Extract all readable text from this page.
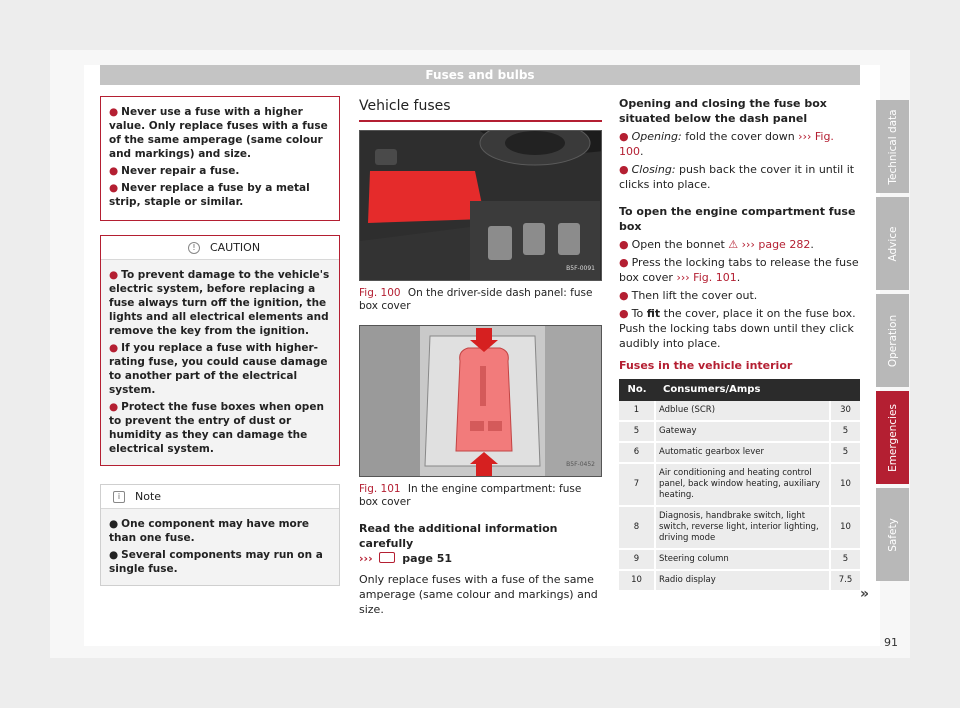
Fuses and bulbs
● Never use a fuse with a higher value. Only replace fuses with a fuse of the same amperage (same colour and markings) and size.
● Never repair a fuse.
● Never replace a fuse by a metal strip, staple or similar.
!	CAUTION
● To prevent damage to the vehicle's electric system, before replacing a fuse always turn off the ignition, the lights and all electrical elements and remove the key from the ignition.
● If you replace a fuse with higher-rating fuse, you could cause damage to another part of the electrical system.
● Protect the fuse boxes when open to prevent the entry of dust or humidity as they can damage the electrical system.
i	Note
● One component may have more than one fuse.
● Several components may run on a single fuse.
Vehicle fuses
B5F-0091
Fig. 100 On the driver-side dash panel: fuse box cover
B5F-0452
Fig. 101 In the engine compartment: fuse box cover
Read the additional information carefully
›››	page 51
Only replace fuses with a fuse of the same amperage (same colour and markings) and size.
Opening and closing the fuse box situated below the dash panel
● Opening: fold the cover down ››› Fig. 100.
● Closing: push back the cover it in until it clicks into place.
To open the engine compartment fuse box
● Open the bonnet ⚠ ››› page 282.
● Press the locking tabs to release the fuse box cover ››› Fig. 101.
● Then lift the cover out.
● To fit the cover, place it on the fuse box. Push the locking tabs down until they click audibly into place.
Fuses in the vehicle interior
No.	Consumers/Amps	
1	Adblue (SCR)	30
5	Gateway	5
6	Automatic gearbox lever	5
7	Air conditioning and heating control panel, back window heating, auxiliary heating.	10
8	Diagnosis, handbrake switch, light switch, reverse light, interior lighting, driving mode	10
9	Steering column	5
10	Radio display	7.5
»
91
Technical data
Advice
Operation
Emergencies
Safety
